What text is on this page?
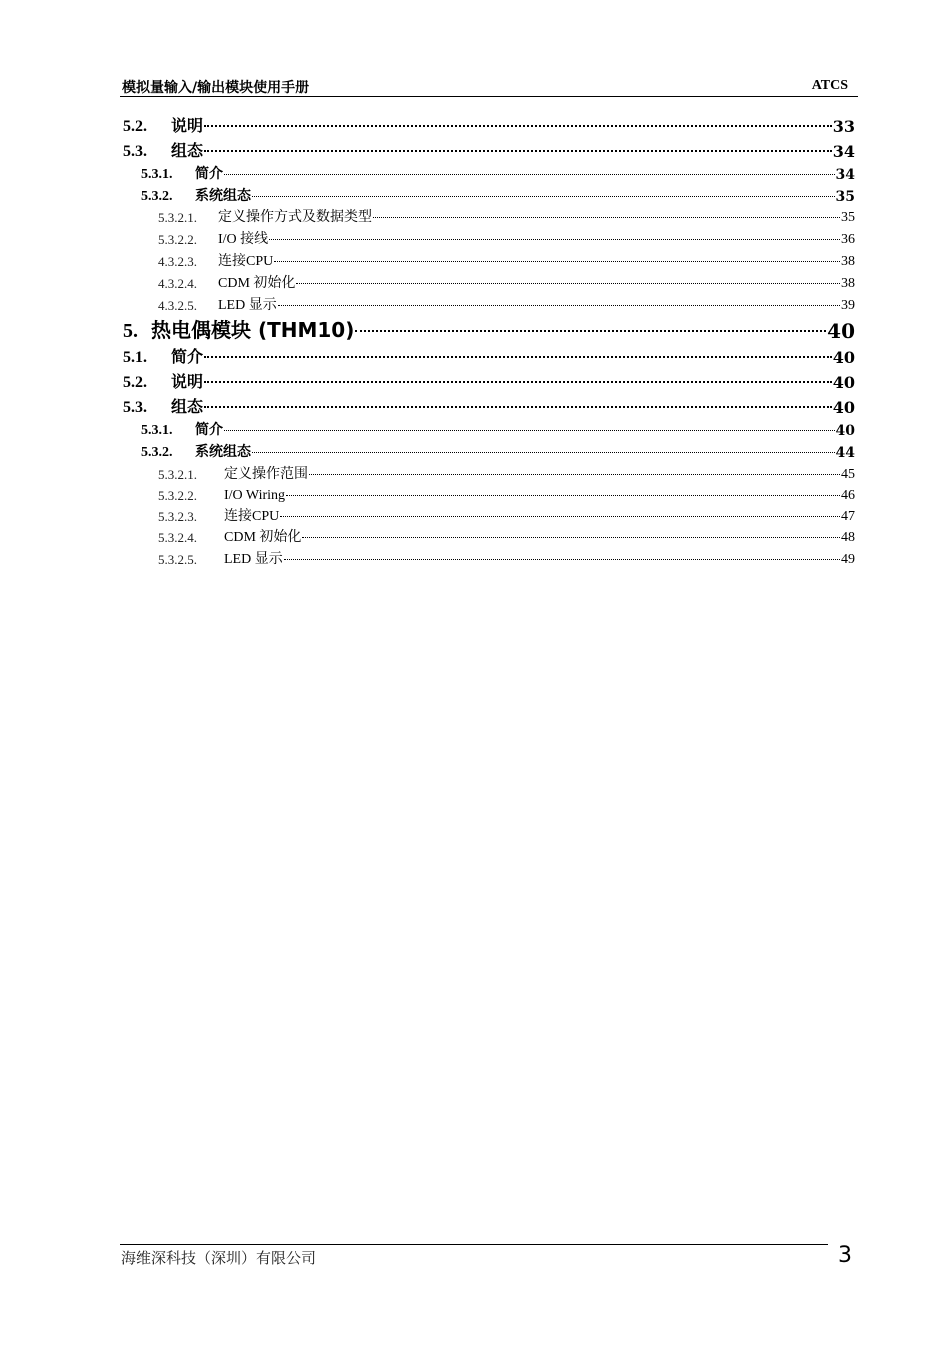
模拟量输入/输出模块使用手册	ATCS
5.2.	说明	33
5.3.	组态	34
5.3.1.	简介	34
5.3.2.	系统组态	35
5.3.2.1.	定义操作方式及数据类型	35
5.3.2.2.	I/O 接线	36
4.3.2.3.	连接CPU	38
4.3.2.4.	CDM 初始化	38
4.3.2.5.	LED 显示	39
5. 热电偶模块 (THM10)	40
5.1.	简介	40
5.2.	说明	40
5.3.	组态	40
5.3.1.	简介	40
5.3.2.	系统组态	44
5.3.2.1.	定义操作范围	45
5.3.2.2.	I/O Wiring	46
5.3.2.3.	连接CPU	47
5.3.2.4.	CDM 初始化	48
5.3.2.5.	LED 显示	49
海维深科技（深圳）有限公司	3
